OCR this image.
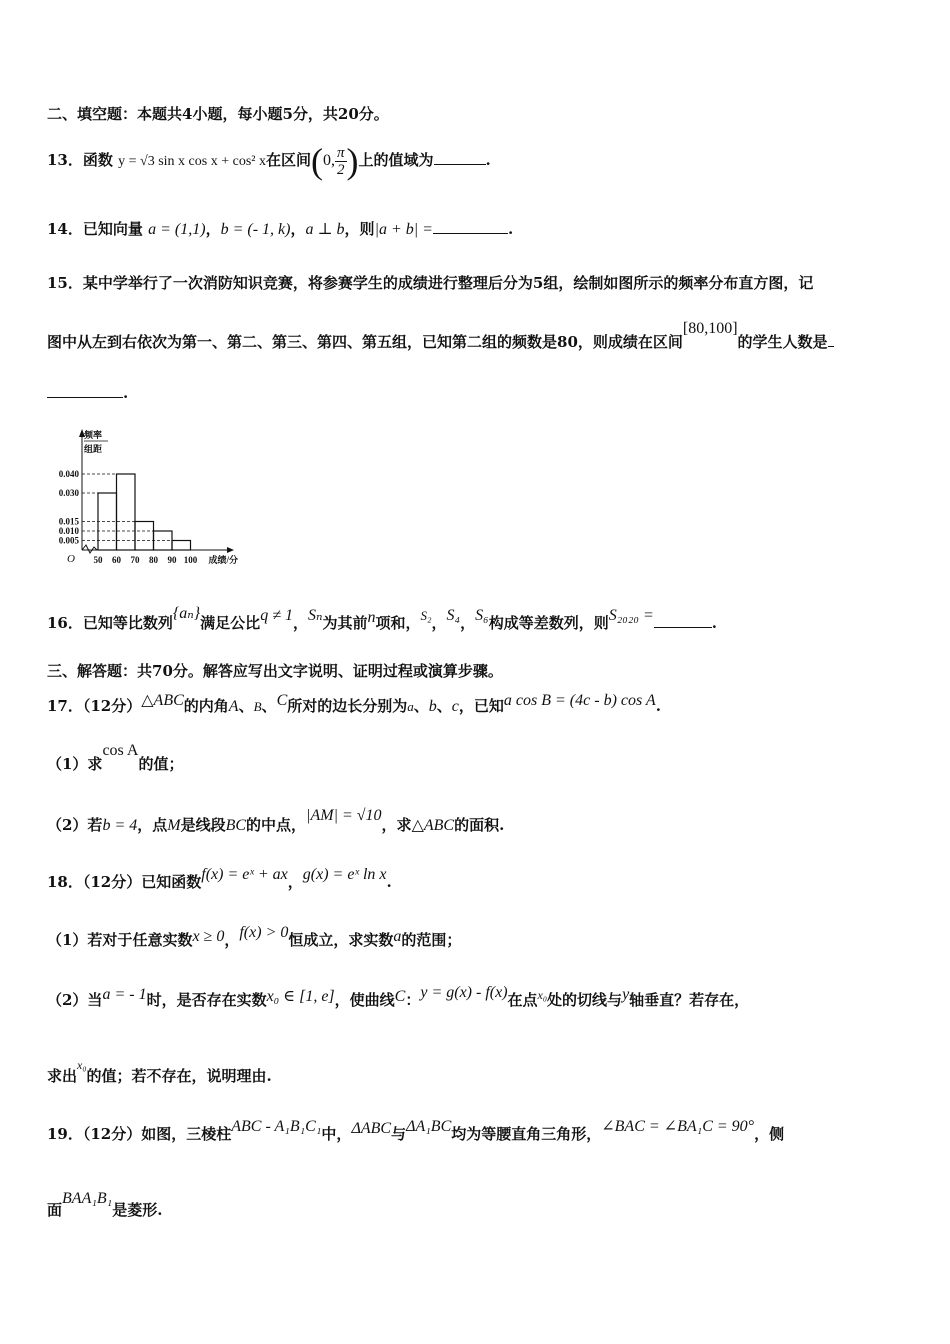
二、填空题：本题共4小题，每小题5分，共20分。
13．函数 y = √3 sin x cos x + cos² x在区间(0, $\frac{\pi}{2}$ )上的值域为	.
14．已知向量 a = (1,1)，b = (- 1, k)，a ⊥ b，则|a + b| =	.
15．某中学举行了一次消防知识竞赛，将参赛学生的成绩进行整理后分为5组，绘制如图所示的频率分布直方图，记
图中从左到右依次为第一、第二、第三、第四、第五组，已知第二组的频数是80，则成绩在区间[80,100]的学生人数是
.
频率
组距
O
0.040
0.030
0.015
0.010
0.005
50 60 70 80 90 100 成绩/分
16．已知等比数列{aₙ}满足公比q ≠ 1，Sₙ为其前n项和，S₂，S₄，S₆构成等差数列，则S₂₀₂₀ =	.
三、解答题：共70分。解答应写出文字说明、证明过程或演算步骤。
17．（12分）△ABC的内角A、B、C所对的边长分别为a、b、c，已知a cos B = (4c - b) cos A.
（1）求cos A的值；
（2）若b = 4，点M是线段BC的中点，|AM| = √10，求△ABC的面积.
18．（12分）已知函数f(x) = eˣ + ax，g(x) = eˣ ln x.
（1）若对于任意实数x ≥ 0，f(x) > 0恒成立，求实数a的范围；
（2）当a = - 1时，是否存在实数x₀ ∈ [1, e]，使曲线C：y = g(x) - f(x)在点$^{x_0}$处的切线与y轴垂直？若存在，
求出$^{x_0}$的值；若不存在，说明理由.
19．（12分）如图，三棱柱ABC - A₁B₁C₁中，ΔABC与ΔA₁BC均为等腰直角三角形，∠BAC = ∠BA₁C = 90°，侧
面BAA₁B₁是菱形.
